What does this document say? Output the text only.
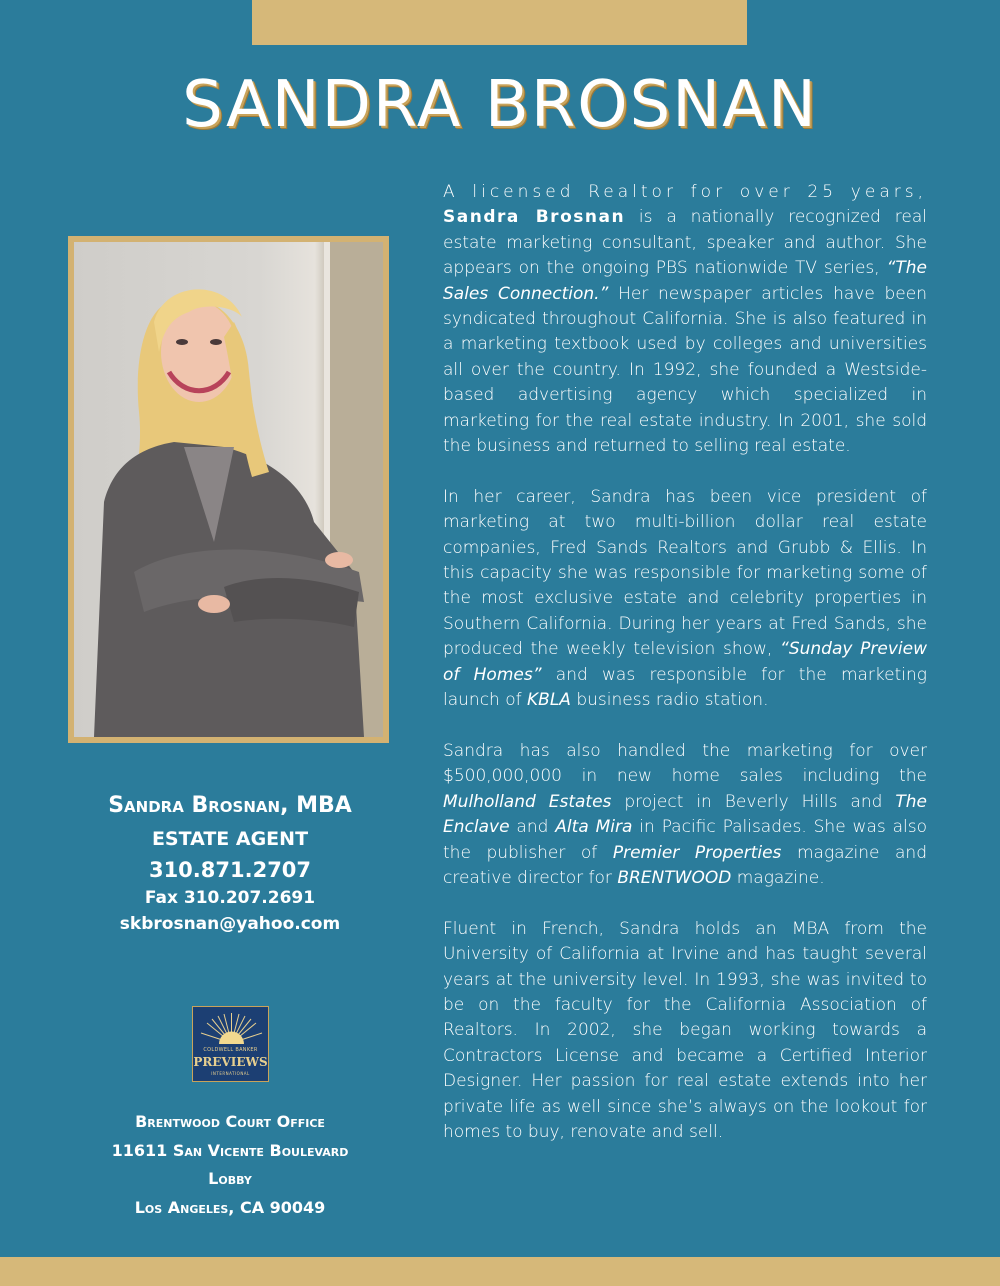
SANDRA BROSNAN
Sandra Brosnan, MBA
ESTATE AGENT
310.871.2707
Fax 310.207.2691
skbrosnan@yahoo.com
COLDWELL BANKER
PREVIEWS
INTERNATIONAL
Brentwood Court Office
11611 San Vicente Boulevard
Lobby
Los Angeles, CA 90049

A licensed Realtor for over 25 years, Sandra Brosnan is a nationally recognized real estate marketing consultant, speaker and author. She appears on the ongoing PBS nationwide TV series, “The Sales Connection.” Her newspaper articles have been syndicated throughout California. She is also featured in a marketing textbook used by colleges and universities all over the country. In 1992, she founded a Westside-based advertising agency which specialized in marketing for the real estate industry. In 2001, she sold the business and returned to selling real estate.

In her career, Sandra has been vice president of marketing at two multi-billion dollar real estate companies, Fred Sands Realtors and Grubb & Ellis. In this capacity she was responsible for marketing some of the most exclusive estate and celebrity properties in Southern California. During her years at Fred Sands, she produced the weekly television show, “Sunday Preview of Homes” and was responsible for the marketing launch of KBLA business radio station.

Sandra has also handled the marketing for over $500,000,000 in new home sales including the Mulholland Estates project in Beverly Hills and The Enclave and Alta Mira in Pacific Palisades. She was also the publisher of Premier Properties magazine and creative director for BRENTWOOD magazine.

Fluent in French, Sandra holds an MBA from the University of California at Irvine and has taught several years at the university level. In 1993, she was invited to be on the faculty for the California Association of Realtors. In 2002, she began working towards a Contractors License and became a Certified Interior Designer. Her passion for real estate extends into her private life as well since she’s always on the lookout for homes to buy, renovate and sell.
